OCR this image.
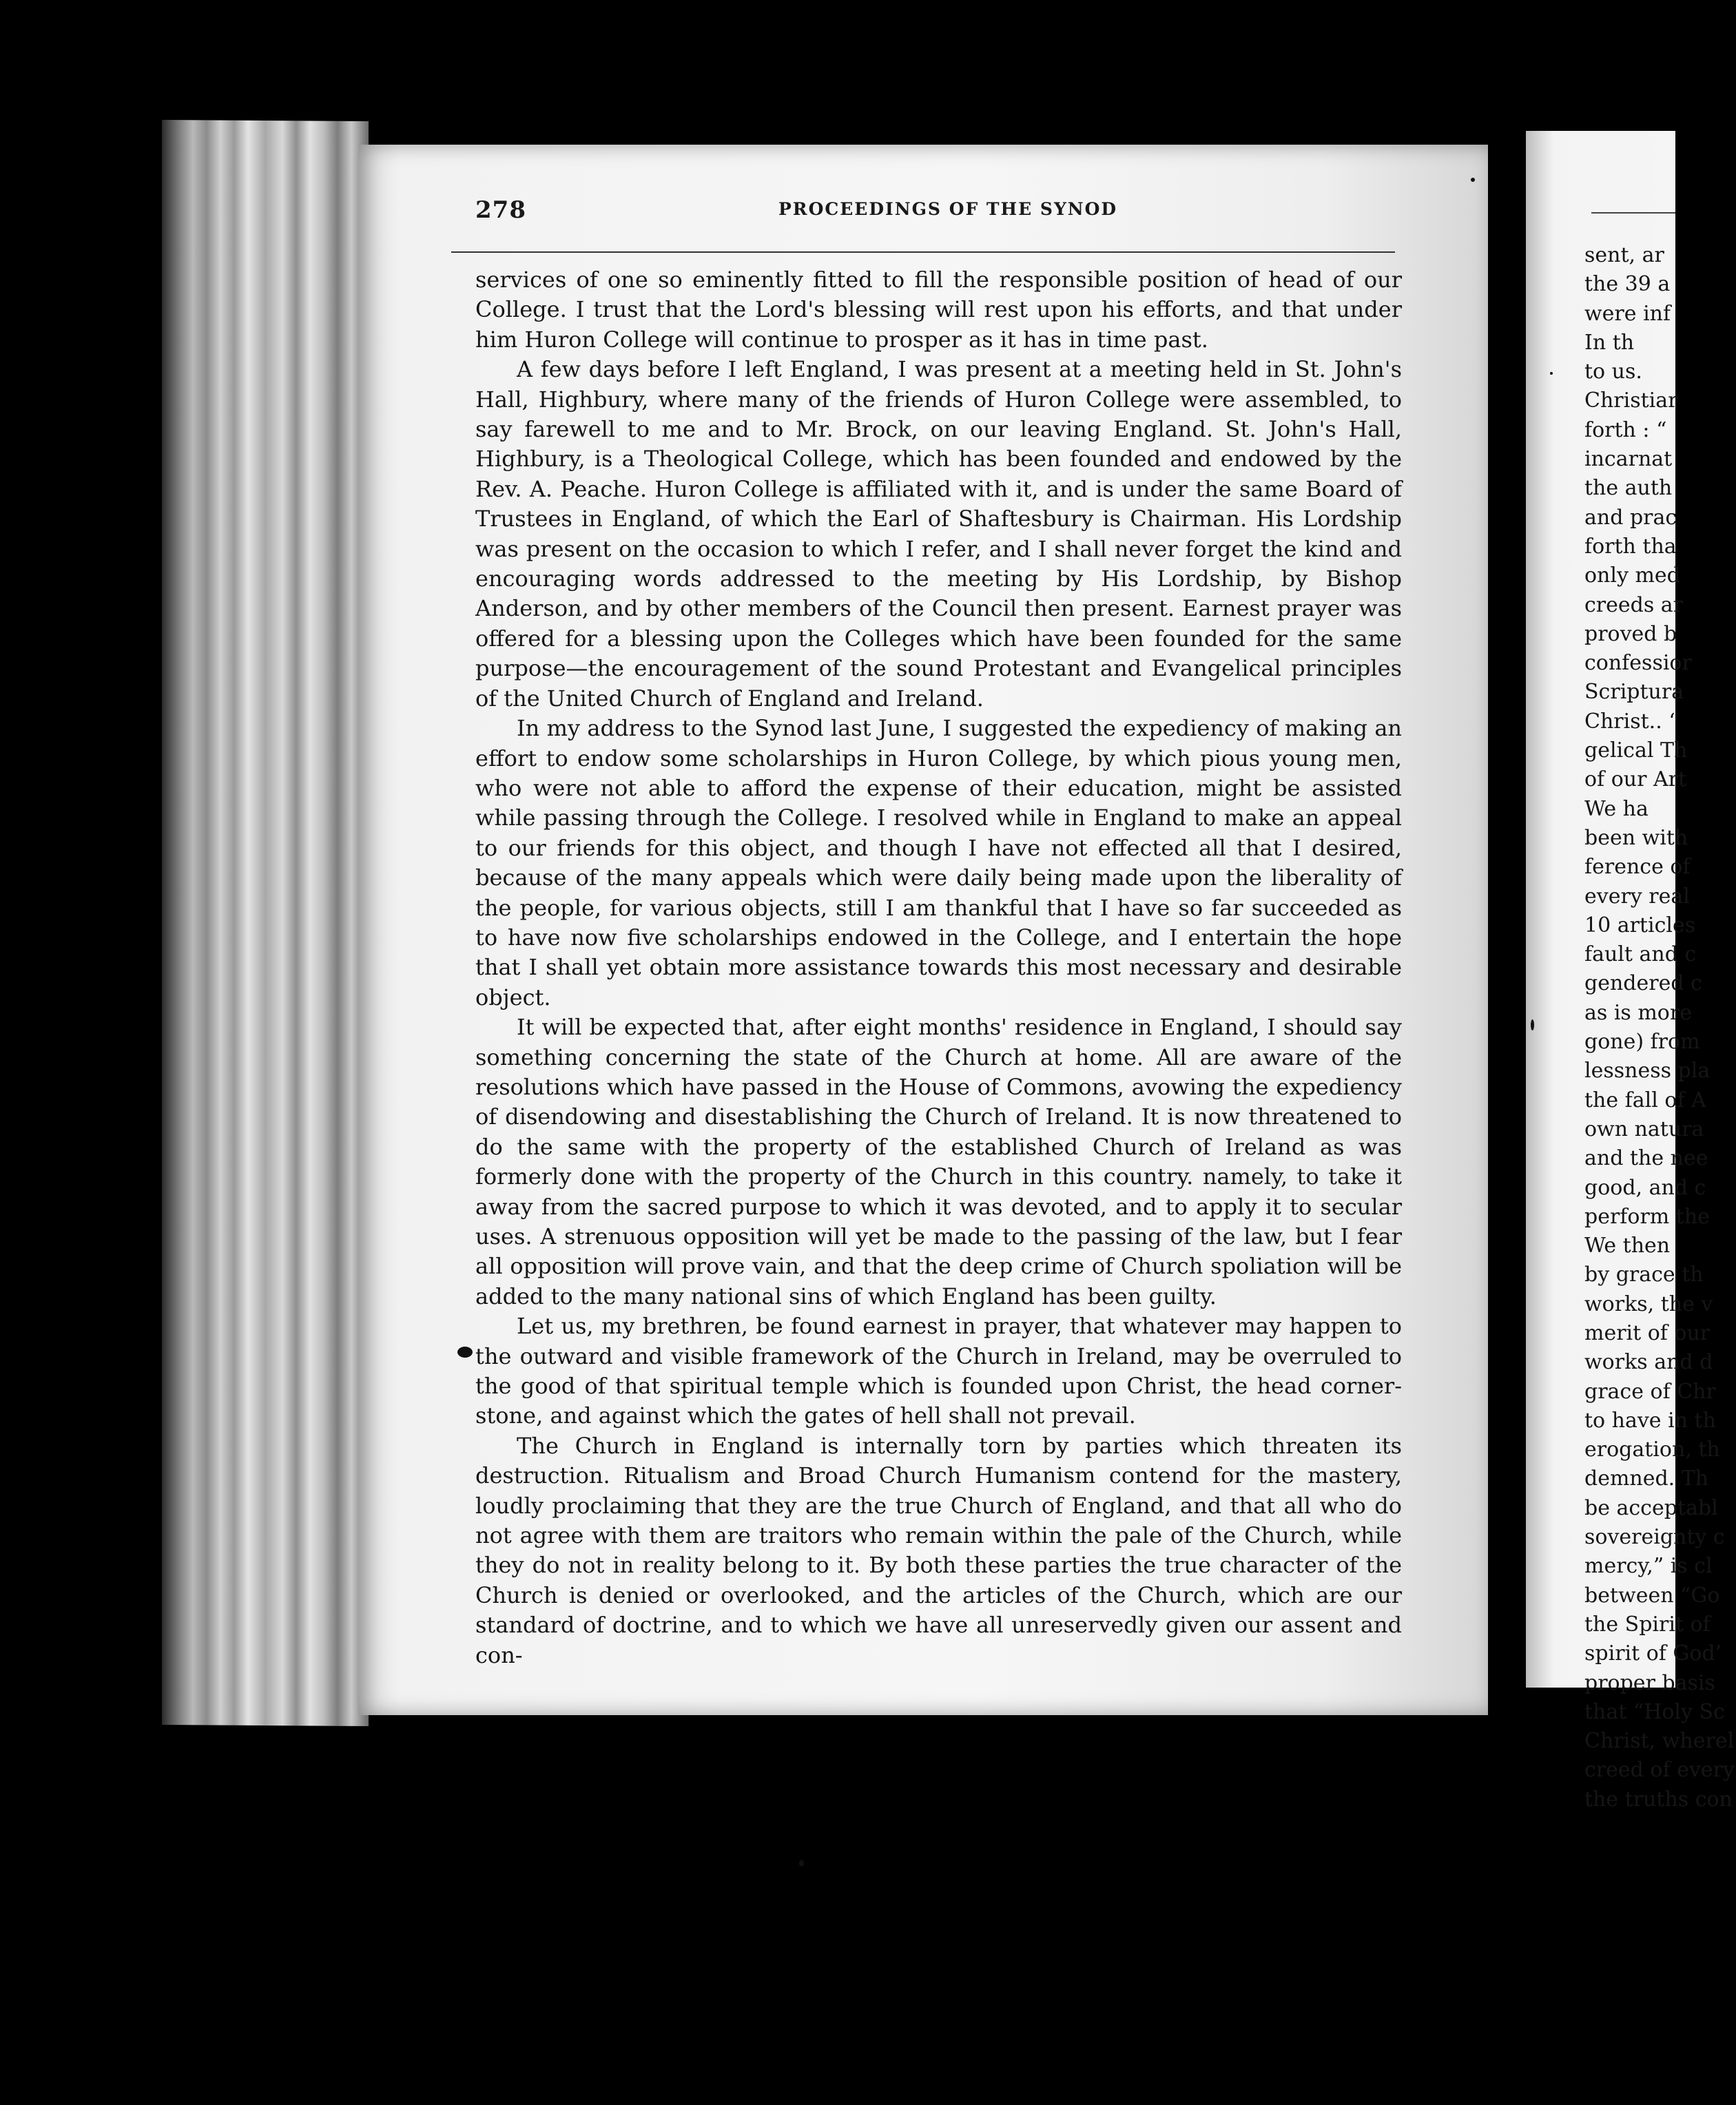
278	PROCEEDINGS OF THE SYNOD

services of one so eminently fitted to fill the responsible position of head of our College. I trust that the Lord's blessing will rest upon his efforts, and that under him Huron College will continue to prosper as it has in time past.

A few days before I left England, I was present at a meeting held in St. John's Hall, Highbury, where many of the friends of Huron College were assembled, to say farewell to me and to Mr. Brock, on our leaving England. St. John's Hall, Highbury, is a Theological College, which has been founded and endowed by the Rev. A. Peache. Huron College is affiliated with it, and is under the same Board of Trustees in England, of which the Earl of Shaftesbury is Chairman. His Lordship was present on the occasion to which I refer, and I shall never forget the kind and encouraging words addressed to the meeting by His Lordship, by Bishop Anderson, and by other members of the Council then present. Earnest prayer was offered for a blessing upon the Colleges which have been founded for the same purpose—the encouragement of the sound Protestant and Evangelical principles of the United Church of England and Ireland.

In my address to the Synod last June, I suggested the expediency of making an effort to endow some scholarships in Huron College, by which pious young men, who were not able to afford the expense of their education, might be assisted while passing through the College. I resolved while in England to make an appeal to our friends for this object, and though I have not effected all that I desired, because of the many appeals which were daily being made upon the liberality of the people, for various objects, still I am thankful that I have so far succeeded as to have now five scholarships endowed in the College, and I entertain the hope that I shall yet obtain more assistance towards this most necessary and desirable object.

It will be expected that, after eight months' residence in England, I should say something concerning the state of the Church at home. All are aware of the resolutions which have passed in the House of Commons, avowing the expediency of disendowing and disestablishing the Church of Ireland. It is now threatened to do the same with the property of the established Church of Ireland as was formerly done with the property of the Church in this country. namely, to take it away from the sacred purpose to which it was devoted, and to apply it to secular uses. A strenuous opposition will yet be made to the passing of the law, but I fear all opposition will prove vain, and that the deep crime of Church spoliation will be added to the many national sins of which England has been guilty.

Let us, my brethren, be found earnest in prayer, that whatever may happen to the outward and visible framework of the Church in Ireland, may be overruled to the good of that spiritual temple which is founded upon Christ, the head corner-stone, and against which the gates of hell shall not prevail.

The Church in England is internally torn by parties which threaten its destruction. Ritualism and Broad Church Humanism contend for the mastery, loudly proclaiming that they are the true Church of England, and that all who do not agree with them are traitors who remain within the pale of the Church, while they do not in reality belong to it. By both these parties the true character of the Church is denied or overlooked, and the articles of the Church, which are our standard of doctrine, and to which we have all unreservedly given our assent and con-

sent, ar
the 39 a
were inf
In th
to us.
Christiar
forth : “
incarnat
the auth
and prac
forth tha
only med
creeds ar
proved b
confessior
Scriptura
Christ.. ‘
gelical Th
of our Art
We ha
been with
ference of
every real
10 articles
fault and c
gendered c
as is more
gone) from
lessness pla
the fall of A
own natura
and the nee
good, and c
perform the
We then
by grace th
works, the v
merit of our
works and d
grace of Chr
to have in th
erogation, th
demned. Th
be acceptabl
sovereignty c
mercy,” is cl
between “Go
the Spirit of
spirit of God’
proper basis
that “Holy Sc
Christ, wherel
creed of every
the truths con
